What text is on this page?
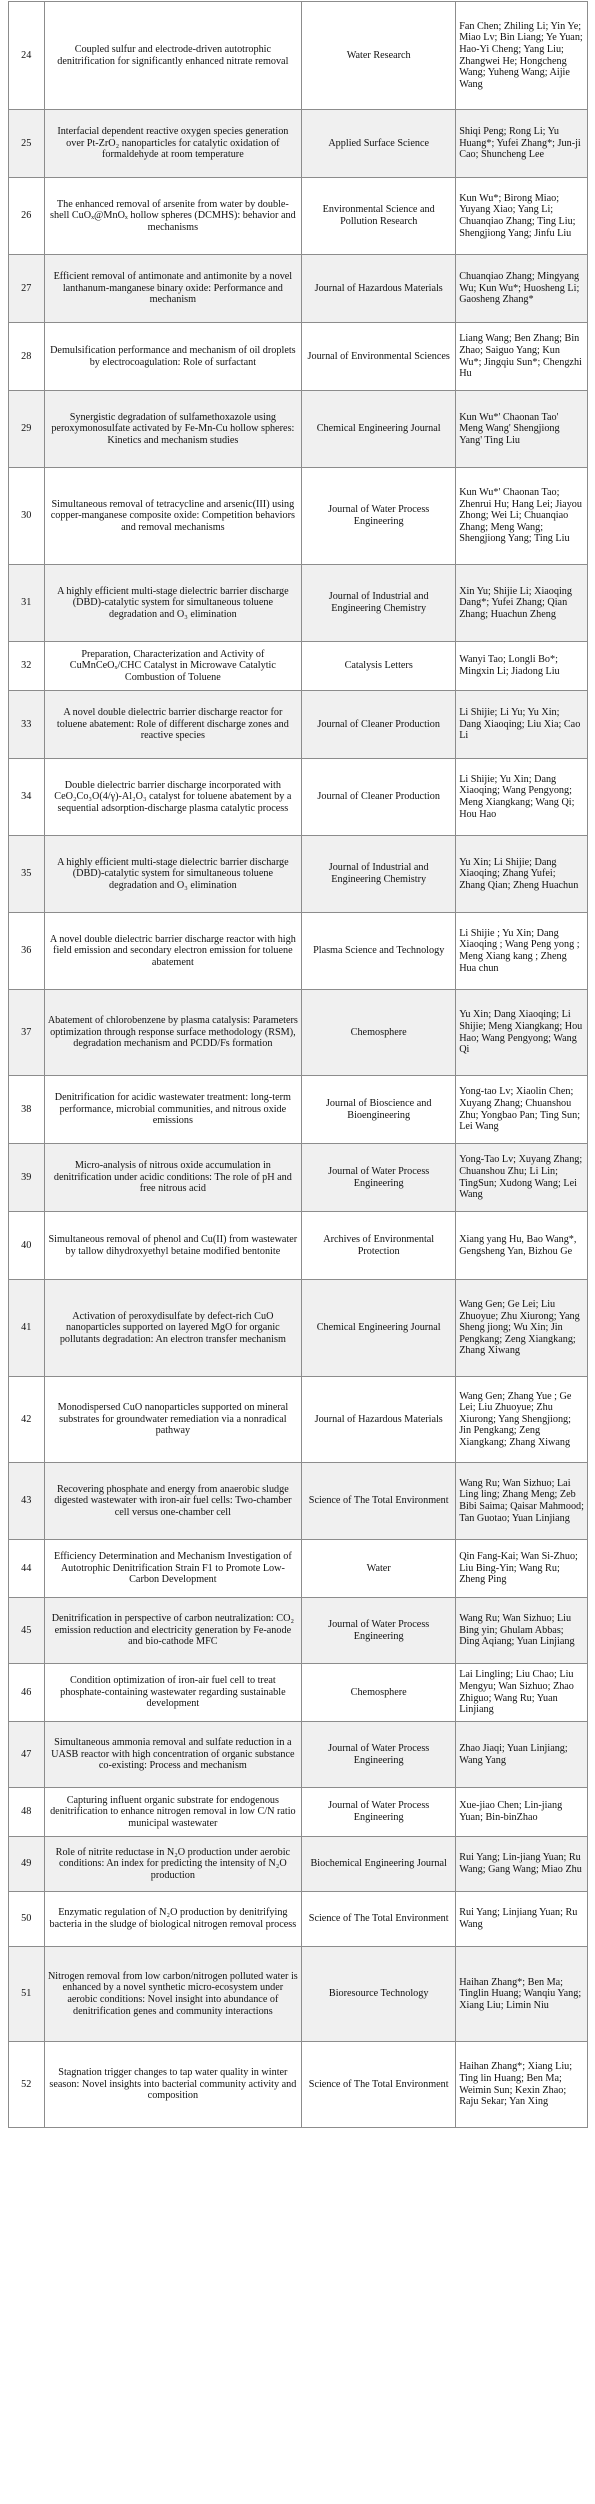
24	Coupled sulfur and electrode-driven autotrophic denitrification for significantly enhanced nitrate removal	Water Research	Fan Chen; Zhiling Li; Yin Ye; Miao Lv; Bin Liang; Ye Yuan; Hao-Yi Cheng; Yang Liu; Zhangwei He; Hongcheng Wang; Yuheng Wang; Aijie Wang
25	Interfacial dependent reactive oxygen species generation over Pt-ZrO₂ nanoparticles for catalytic oxidation of formaldehyde at room temperature	Applied Surface Science	Shiqi Peng; Rong Li; Yu Huang*; Yufei Zhang*; Jun-ji Cao; Shuncheng Lee
26	The enhanced removal of arsenite from water by double-shell CuOₓ@MnOₓ hollow spheres (DCMHS): behavior and mechanisms	Environmental Science and Pollution Research	Kun Wu*; Birong Miao; Yuyang Xiao; Yang Li; Chuanqiao Zhang; Ting Liu; Shengjiong Yang; Jinfu Liu
27	Efficient removal of antimonate and antimonite by a novel lanthanum-manganese binary oxide: Performance and mechanism	Journal of Hazardous Materials	Chuanqiao Zhang; Mingyang Wu; Kun Wu*; Huosheng Li; Gaosheng Zhang*
28	Demulsification performance and mechanism of oil droplets by electrocoagulation: Role of surfactant	Journal of Environmental Sciences	Liang Wang; Ben Zhang; Bin Zhao; Saiguo Yang; Kun Wu*; Jingqiu Sun*; Chengzhi Hu
29	Synergistic degradation of sulfamethoxazole using peroxymonosulfate activated by Fe-Mn-Cu hollow spheres: Kinetics and mechanism studies	Chemical Engineering Journal	Kun Wu*' Chaonan Tao' Meng Wang' Shengjiong Yang' Ting Liu
30	Simultaneous removal of tetracycline and arsenic(III) using copper-manganese composite oxide: Competition behaviors and removal mechanisms	Journal of Water Process Engineering	Kun Wu*' Chaonan Tao; Zhenrui Hu; Hang Lei; Jiayou Zhong; Wei Li; Chuanqiao Zhang; Meng Wang; Shengjiong Yang; Ting Liu
31	A highly efficient multi-stage dielectric barrier discharge (DBD)-catalytic system for simultaneous toluene degradation and O₃ elimination	Journal of Industrial and Engineering Chemistry	Xin Yu; Shijie Li; Xiaoqing Dang*; Yufei Zhang; Qian Zhang; Huachun Zheng
32	Preparation, Characterization and Activity of CuMnCeOₓ/CHC Catalyst in Microwave Catalytic Combustion of Toluene	Catalysis Letters	Wanyi Tao; Longli Bo*; Mingxin Li; Jiadong Liu
33	A novel double dielectric barrier discharge reactor for toluene abatement: Role of different discharge zones and reactive species	Journal of Cleaner Production	Li Shijie; Li Yu; Yu Xin; Dang Xiaoqing; Liu Xia; Cao Li
34	Double dielectric barrier discharge incorporated with CeO₂Co₃O(4/γ)-Al₂O₃ catalyst for toluene abatement by a sequential adsorption-discharge plasma catalytic process	Journal of Cleaner Production	Li Shijie; Yu Xin; Dang Xiaoqing; Wang Pengyong; Meng Xiangkang; Wang Qi; Hou Hao
35	A highly efficient multi-stage dielectric barrier discharge (DBD)-catalytic system for simultaneous toluene degradation and O₃ elimination	Journal of Industrial and Engineering Chemistry	Yu Xin; Li Shijie; Dang Xiaoqing; Zhang Yufei; Zhang Qian; Zheng Huachun
36	A novel double dielectric barrier discharge reactor with high field emission and secondary electron emission for toluene abatement	Plasma Science and Technology	Li Shijie ; Yu Xin; Dang Xiaoqing ; Wang Peng yong ; Meng Xiang kang ; Zheng Hua chun
37	Abatement of chlorobenzene by plasma catalysis: Parameters optimization through response surface methodology (RSM), degradation mechanism and PCDD/Fs formation	Chemosphere	Yu Xin; Dang Xiaoqing; Li Shijie; Meng Xiangkang; Hou Hao; Wang Pengyong; Wang Qi
38	Denitrification for acidic wastewater treatment: long-term performance, microbial communities, and nitrous oxide emissions	Journal of Bioscience and Bioengineering	Yong-tao Lv; Xiaolin Chen; Xuyang Zhang; Chuanshou Zhu; Yongbao Pan; Ting Sun; Lei Wang
39	Micro-analysis of nitrous oxide accumulation in denitrification under acidic conditions: The role of pH and free nitrous acid	Journal of Water Process Engineering	Yong-Tao Lv; Xuyang Zhang; Chuanshou Zhu; Li Lin; TingSun; Xudong Wang; Lei Wang
40	Simultaneous removal of phenol and Cu(II) from wastewater by tallow dihydroxyethyl betaine modified bentonite	Archives of Environmental Protection	Xiang yang Hu, Bao Wang*, Gengsheng Yan, Bizhou Ge
41	Activation of peroxydisulfate by defect-rich CuO nanoparticles supported on layered MgO for organic pollutants degradation: An electron transfer mechanism	Chemical Engineering Journal	Wang Gen; Ge Lei; Liu Zhuoyue; Zhu Xiurong; Yang Sheng jiong; Wu Xin; Jin Pengkang; Zeng Xiangkang; Zhang Xiwang
42	Monodispersed CuO nanoparticles supported on mineral substrates for groundwater remediation via a nonradical pathway	Journal of Hazardous Materials	Wang Gen; Zhang Yue ; Ge Lei; Liu Zhuoyue; Zhu Xiurong; Yang Shengjiong; Jin Pengkang; Zeng Xiangkang; Zhang Xiwang
43	Recovering phosphate and energy from anaerobic sludge digested wastewater with iron-air fuel cells: Two-chamber cell versus one-chamber cell	Science of The Total Environment	Wang Ru; Wan Sizhuo; Lai Ling ling; Zhang Meng; Zeb Bibi Saima; Qaisar Mahmood; Tan Guotao; Yuan Linjiang
44	Efficiency Determination and Mechanism Investigation of Autotrophic Denitrification Strain F1 to Promote Low-Carbon Development	Water	Qin Fang-Kai; Wan Si-Zhuo; Liu Bing-Yin; Wang Ru; Zheng Ping
45	Denitrification in perspective of carbon neutralization: CO₂ emission reduction and electricity generation by Fe-anode and bio-cathode MFC	Journal of Water Process Engineering	Wang Ru; Wan Sizhuo; Liu Bing yin; Ghulam Abbas; Ding Aqiang; Yuan Linjiang
46	Condition optimization of iron-air fuel cell to treat phosphate-containing wastewater regarding sustainable development	Chemosphere	Lai Lingling; Liu Chao; Liu Mengyu; Wan Sizhuo; Zhao Zhiguo; Wang Ru; Yuan Linjiang
47	Simultaneous ammonia removal and sulfate reduction in a UASB reactor with high concentration of organic substance co-existing: Process and mechanism	Journal of Water Process Engineering	Zhao Jiaqi; Yuan Linjiang; Wang Yang
48	Capturing influent organic substrate for endogenous denitrification to enhance nitrogen removal in low C/N ratio municipal wastewater	Journal of Water Process Engineering	Xue-jiao Chen; Lin-jiang Yuan; Bin-binZhao
49	Role of nitrite reductase in N₂O production under aerobic conditions: An index for predicting the intensity of N₂O production	Biochemical Engineering Journal	Rui Yang; Lin-jiang Yuan; Ru Wang; Gang Wang; Miao Zhu
50	Enzymatic regulation of N₂O production by denitrifying bacteria in the sludge of biological nitrogen removal process	Science of The Total Environment	Rui Yang; Linjiang Yuan; Ru Wang
51	Nitrogen removal from low carbon/nitrogen polluted water is enhanced by a novel synthetic micro-ecosystem under aerobic conditions: Novel insight into abundance of denitrification genes and community interactions	Bioresource Technology	Haihan Zhang*; Ben Ma; Tinglin Huang; Wanqiu Yang; Xiang Liu; Limin Niu
52	Stagnation trigger changes to tap water quality in winter season: Novel insights into bacterial community activity and composition	Science of The Total Environment	Haihan Zhang*; Xiang Liu; Ting lin Huang; Ben Ma; Weimin Sun; Kexin Zhao; Raju Sekar; Yan Xing
